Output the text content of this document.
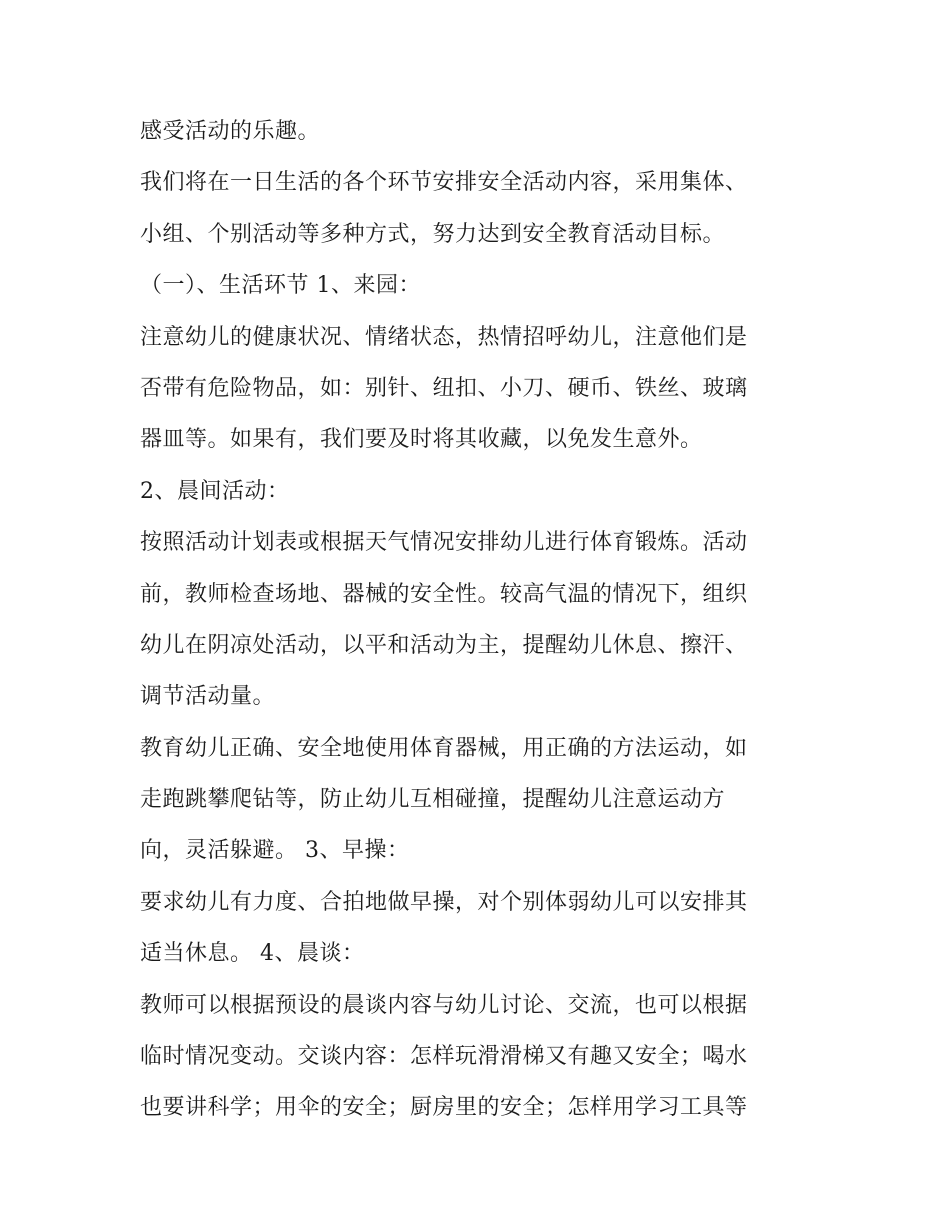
感受活动的乐趣。
我们将在一日生活的各个环节安排安全活动内容，采用集体、
小组、个别活动等多种方式，努力达到安全教育活动目标。
（一）、生活环节 1、来园：
注意幼儿的健康状况、情绪状态，热情招呼幼儿，注意他们是
否带有危险物品，如：别针、纽扣、小刀、硬币、铁丝、玻璃
器皿等。如果有，我们要及时将其收藏，以免发生意外。
2、晨间活动：
按照活动计划表或根据天气情况安排幼儿进行体育锻炼。活动
前，教师检查场地、器械的安全性。较高气温的情况下，组织
幼儿在阴凉处活动，以平和活动为主，提醒幼儿休息、擦汗、
调节活动量。
教育幼儿正确、安全地使用体育器械，用正确的方法运动，如
走跑跳攀爬钻等，防止幼儿互相碰撞，提醒幼儿注意运动方
向，灵活躲避。 3、早操：
要求幼儿有力度、合拍地做早操，对个别体弱幼儿可以安排其
适当休息。 4、晨谈：
教师可以根据预设的晨谈内容与幼儿讨论、交流，也可以根据
临时情况变动。交谈内容：怎样玩滑滑梯又有趣又安全；喝水
也要讲科学；用伞的安全；厨房里的安全；怎样用学习工具等
